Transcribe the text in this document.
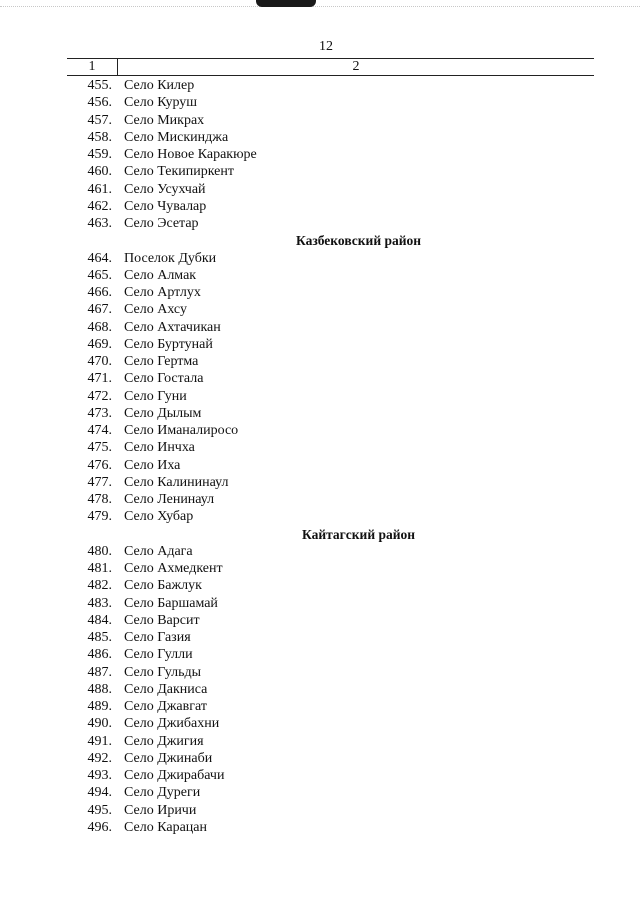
12
1	2
455. Село Килер
456. Село Куруш
457. Село Микрах
458. Село Мискинджа
459. Село Новое Каракюре
460. Село Текипиркент
461. Село Усухчай
462. Село Чувалар
463. Село Эсетар
Казбековский район
464. Поселок Дубки
465. Село Алмак
466. Село Артлух
467. Село Ахсу
468. Село Ахтачикан
469. Село Буртунай
470. Село Гертма
471. Село Гостала
472. Село Гуни
473. Село Дылым
474. Село Иманалиросо
475. Село Инчха
476. Село Иха
477. Село Калининаул
478. Село Ленинаул
479. Село Хубар
Кайтагский район
480. Село Адага
481. Село Ахмедкент
482. Село Бажлук
483. Село Баршамай
484. Село Варсит
485. Село Газия
486. Село Гулли
487. Село Гульды
488. Село Дакниса
489. Село Джавгат
490. Село Джибахни
491. Село Джигия
492. Село Джинаби
493. Село Джирабачи
494. Село Дуреги
495. Село Иричи
496. Село Карацан
